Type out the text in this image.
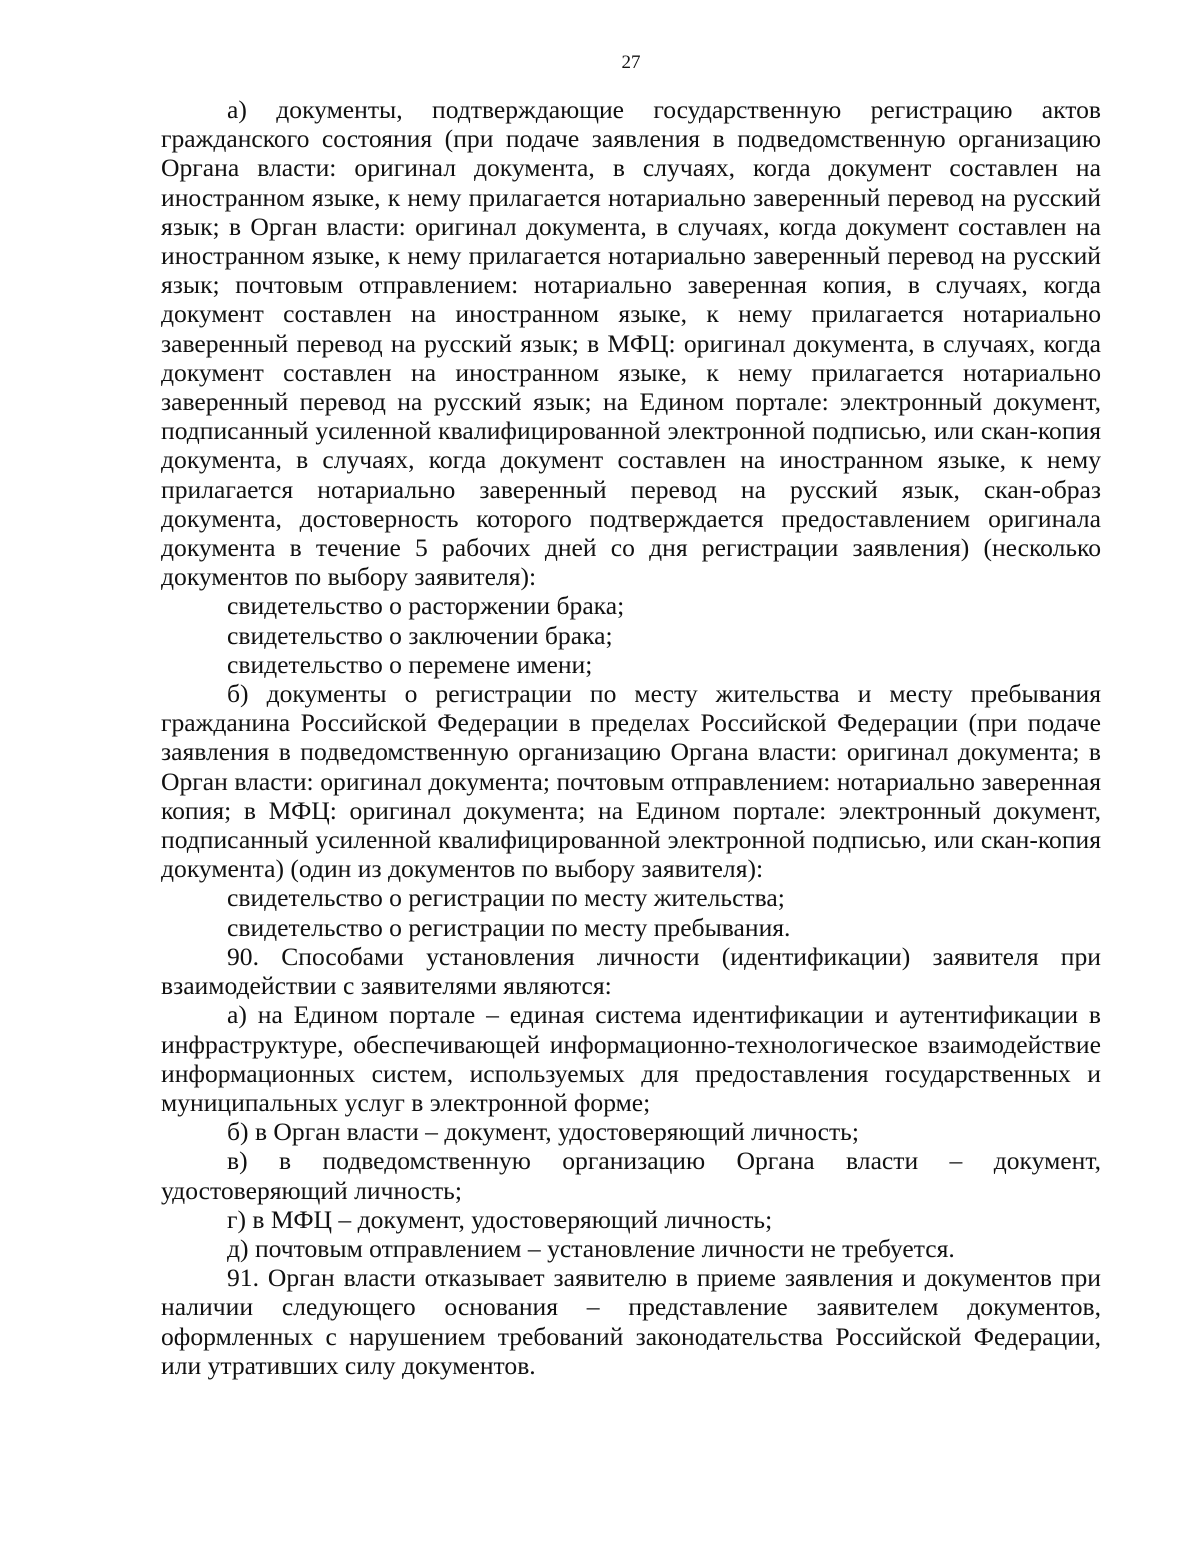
27

а) документы, подтверждающие государственную регистрацию актов гражданского состояния (при подаче заявления в подведомственную организацию Органа власти: оригинал документа, в случаях, когда документ составлен на иностранном языке, к нему прилагается нотариально заверенный перевод на русский язык; в Орган власти: оригинал документа, в случаях, когда документ составлен на иностранном языке, к нему прилагается нотариально заверенный перевод на русский язык; почтовым отправлением: нотариально заверенная копия, в случаях, когда документ составлен на иностранном языке, к нему прилагается нотариально заверенный перевод на русский язык; в МФЦ: оригинал документа, в случаях, когда документ составлен на иностранном языке, к нему прилагается нотариально заверенный перевод на русский язык; на Едином портале: электронный документ, подписанный усиленной квалифицированной электронной подписью, или скан-копия документа, в случаях, когда документ составлен на иностранном языке, к нему прилагается нотариально заверенный перевод на русский язык, скан-образ документа, достоверность которого подтверждается предоставлением оригинала документа в течение 5 рабочих дней со дня регистрации заявления) (несколько документов по выбору заявителя):

свидетельство о расторжении брака;

свидетельство о заключении брака;

свидетельство о перемене имени;

б) документы о регистрации по месту жительства и месту пребывания гражданина Российской Федерации в пределах Российской Федерации (при подаче заявления в подведомственную организацию Органа власти: оригинал документа; в Орган власти: оригинал документа; почтовым отправлением: нотариально заверенная копия; в МФЦ: оригинал документа; на Едином портале: электронный документ, подписанный усиленной квалифицированной электронной подписью, или скан-копия документа) (один из документов по выбору заявителя):

свидетельство о регистрации по месту жительства;

свидетельство о регистрации по месту пребывания.

90. Способами установления личности (идентификации) заявителя при взаимодействии с заявителями являются:

а) на Едином портале – единая система идентификации и аутентификации в инфраструктуре, обеспечивающей информационно-технологическое взаимодействие информационных систем, используемых для предоставления государственных и муниципальных услуг в электронной форме;

б) в Орган власти – документ, удостоверяющий личность;

в) в подведомственную организацию Органа власти – документ, удостоверяющий личность;

г) в МФЦ – документ, удостоверяющий личность;

д) почтовым отправлением – установление личности не требуется.

91. Орган власти отказывает заявителю в приеме заявления и документов при наличии следующего основания – представление заявителем документов, оформленных с нарушением требований законодательства Российской Федерации, или утративших силу документов.
